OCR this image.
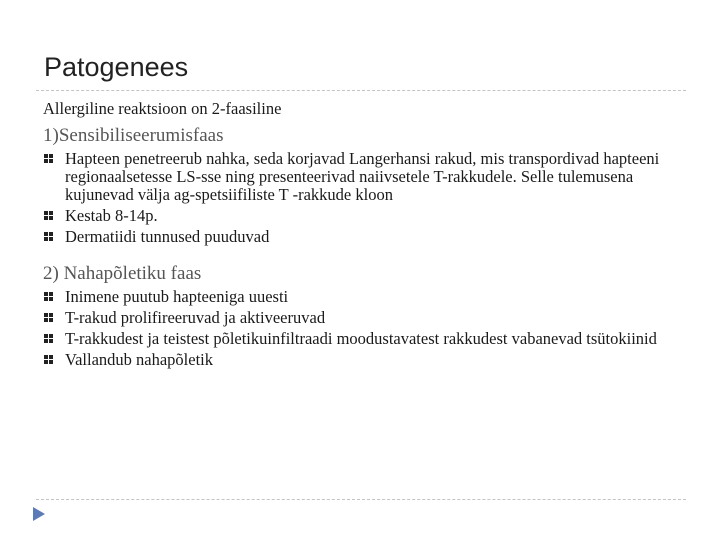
Patogenees

Allergiline reaktsioon on 2-faasiline

1)Sensibiliseerumisfaas

Hapteen penetreerub nahka, seda korjavad Langerhansi rakud, mis transpordivad hapteeni regionaalsetesse LS-sse ning presenteerivad naiivsetele T-rakkudele. Selle tulemusena kujunevad välja ag-spetsiifiliste T -rakkude kloon
Kestab 8-14p.
Dermatiidi tunnused puuduvad

2) Nahapõletiku faas

Inimene puutub hapteeniga uuesti
T-rakud prolifireeruvad ja aktiveeruvad
T-rakkudest ja teistest põletikuinfiltraadi moodustavatest rakkudest vabanevad tsütokiinid
Vallandub nahapõletik
